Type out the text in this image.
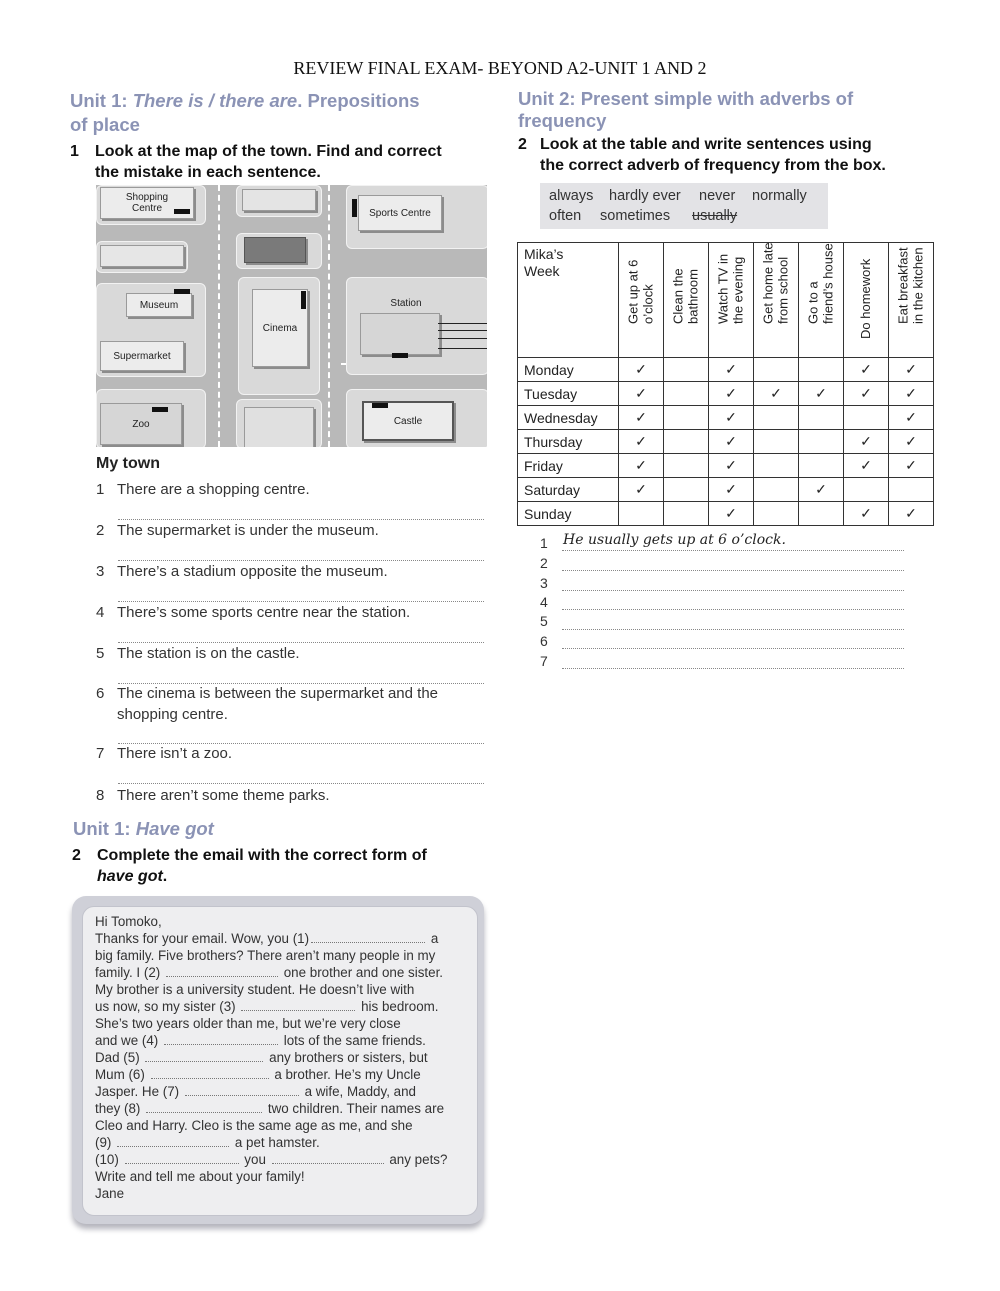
REVIEW FINAL EXAM- BEYOND A2-UNIT 1 AND 2
Unit 1: There is / there are. Prepositions
of place
1 Look at the map of the town. Find and correct
the mistake in each sentence.
Shopping
Centre	Sports Centre
Museum
Supermarket
Cinema
Station
Zoo	Castle
My town
1 There are a shopping centre.
2 The supermarket is under the museum.
3 There’s a stadium opposite the museum.
4 There’s some sports centre near the station.
5 The station is on the castle.
6 The cinema is between the supermarket and the
shopping centre.
7 There isn’t a zoo.
8 There aren’t some theme parks.
Unit 1: Have got
2 Complete the email with the correct form of
have got.
Hi Tomoko,
Thanks for your email. Wow, you (1)	a
big family. Five brothers? There aren’t many people in my
family. I (2)	one brother and one sister.
My brother is a university student. He doesn’t live with
us now, so my sister (3)	his bedroom.
She’s two years older than me, but we’re very close
and we (4)	lots of the same friends.
Dad (5)	any brothers or sisters, but
Mum (6)	a brother. He’s my Uncle
Jasper. He (7)	a wife, Maddy, and
they (8)	two children. Their names are
Cleo and Harry. Cleo is the same age as me, and she
(9)	a pet hamster.
(10)	you	any pets?
Write and tell me about your family!
Jane
Unit 2: Present simple with adverbs of
frequency
2 Look at the table and write sentences using
the correct adverb of frequency from the box.
always hardly ever never normally
often sometimes usually
Mika’s
Week	Get up at 6
o’clock	Clean the
bathroom	Watch TV in
the evening	Get home late
from school	Go to a
friend’s house	Do homework	Eat breakfast
in the kitchen

Monday	✓		✓			✓	✓
Tuesday	✓		✓	✓	✓	✓	✓
Wednesday	✓		✓				✓
Thursday	✓		✓			✓	✓
Friday	✓		✓			✓	✓
Saturday	✓		✓		✓		
Sunday			✓			✓	✓
1 He usually gets up at 6 o’clock.
2
3
4
5
6
7
